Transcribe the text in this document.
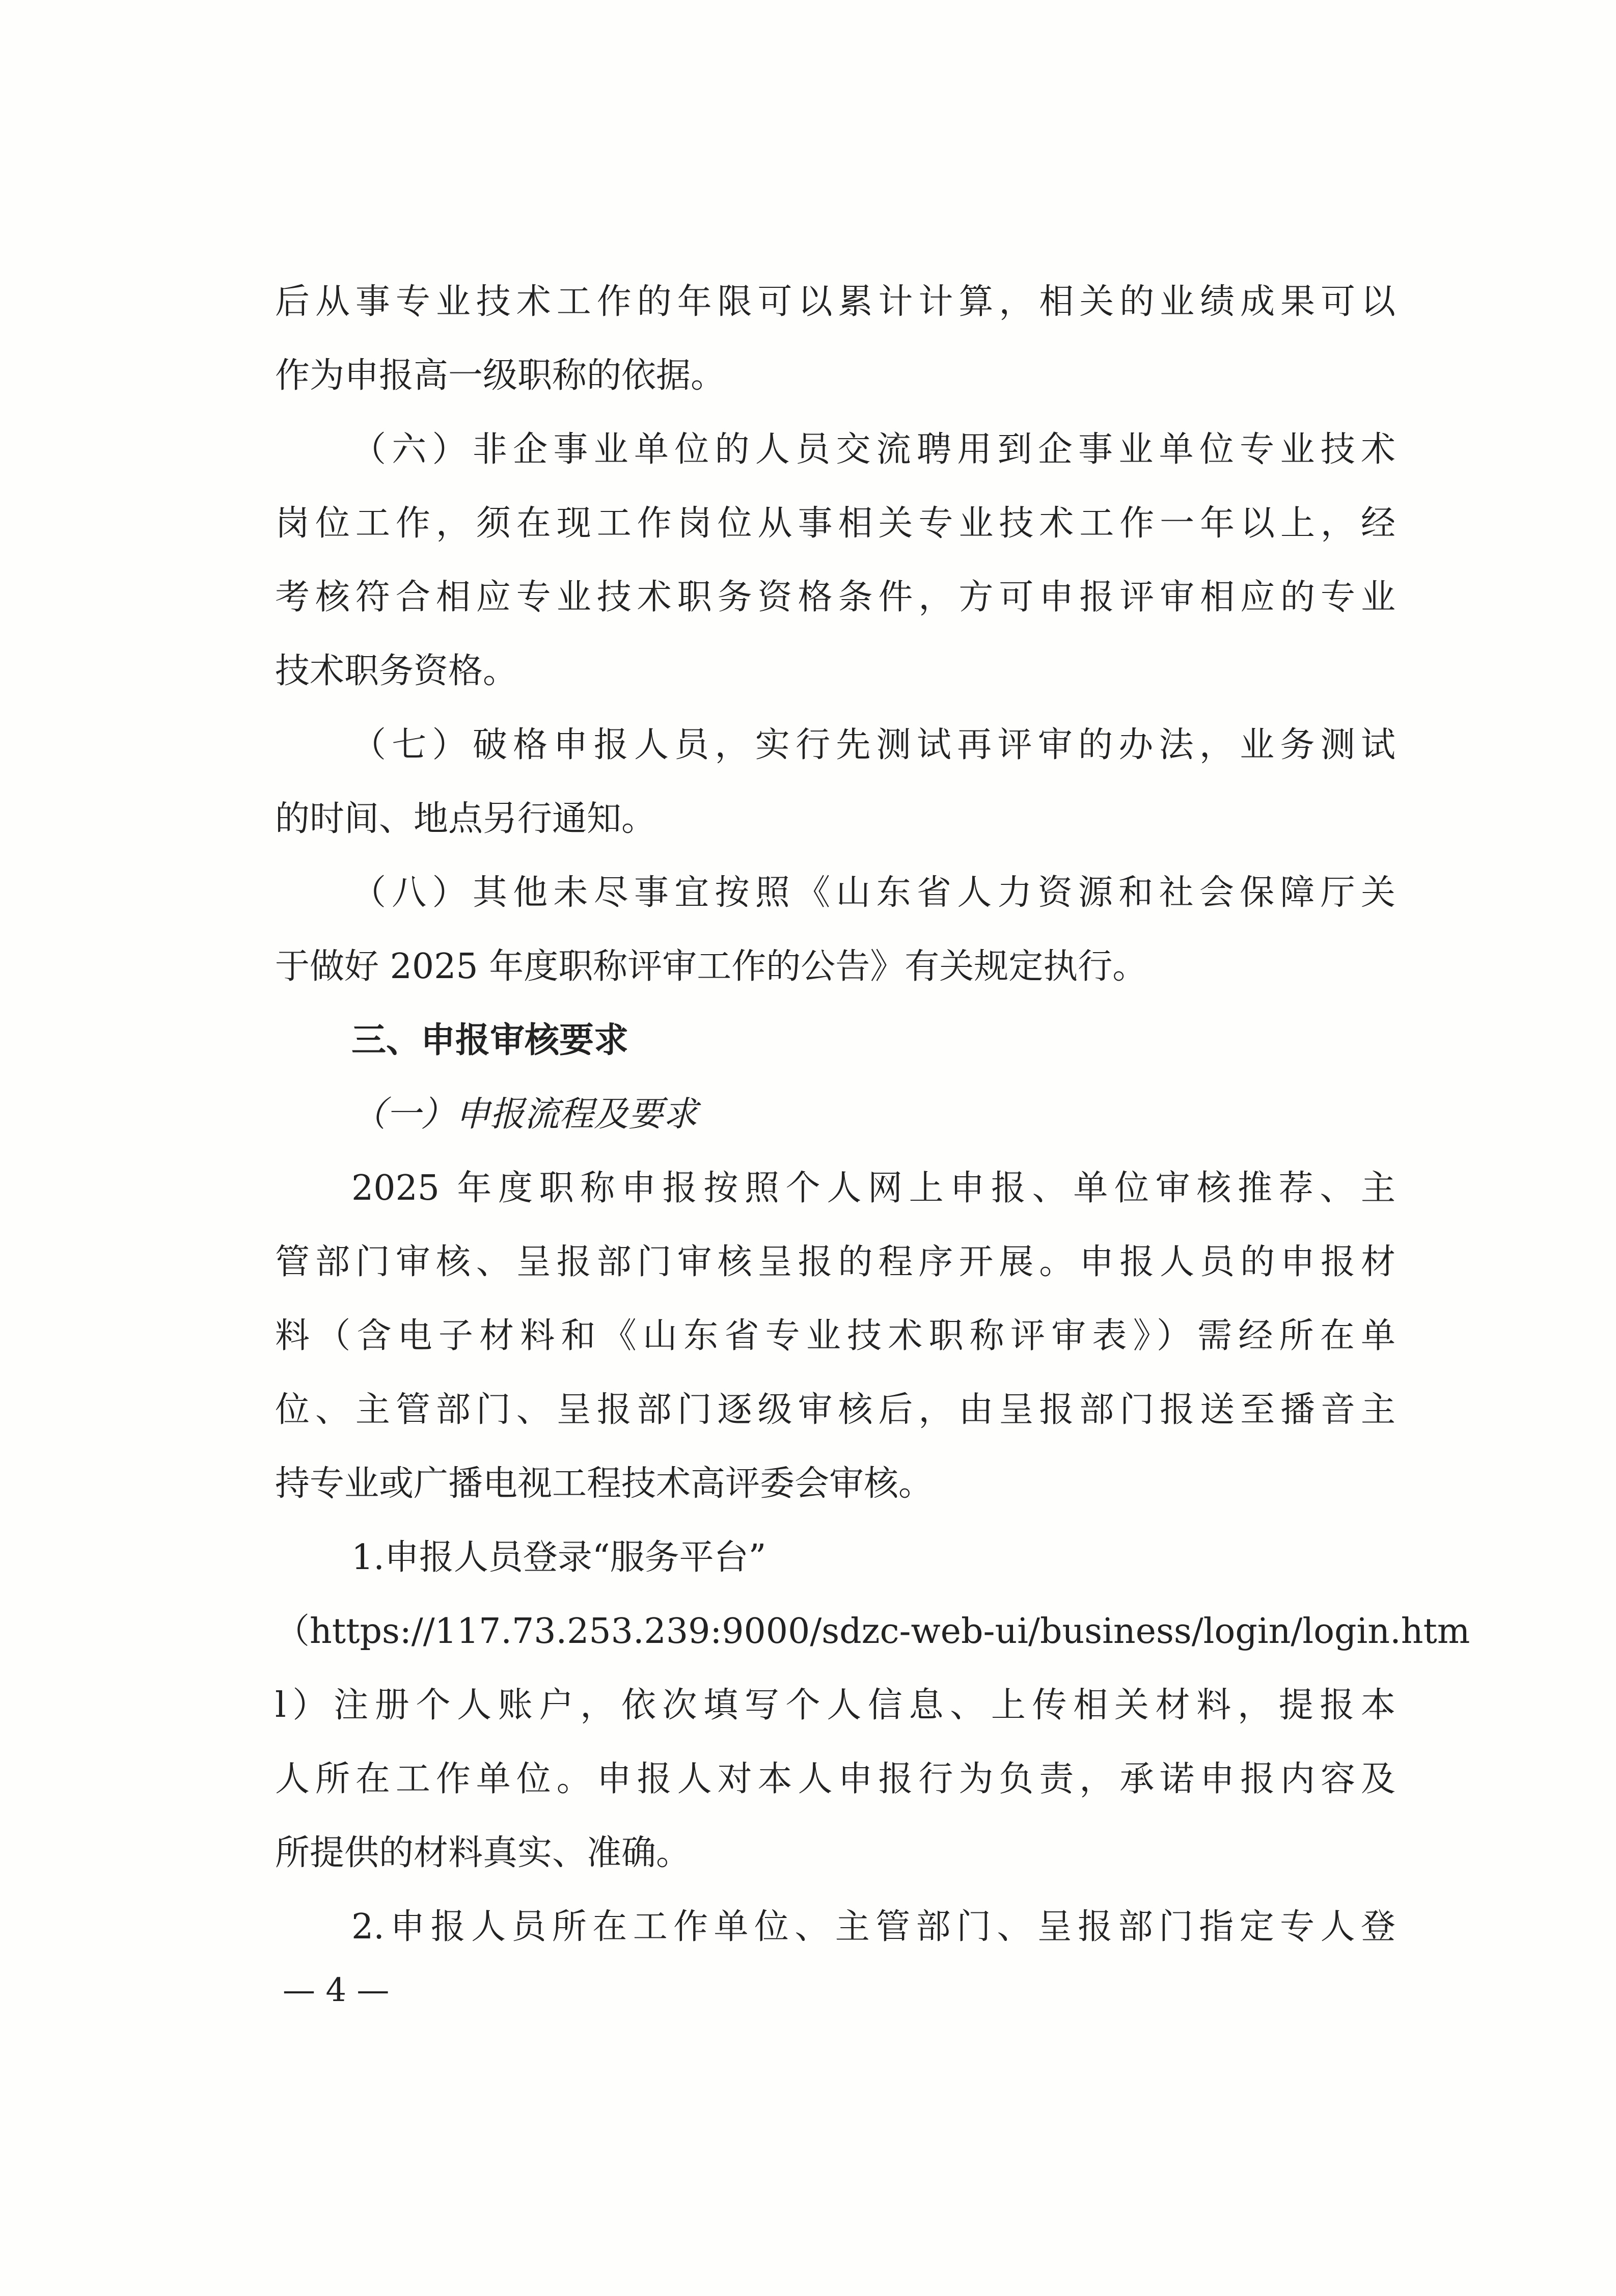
后从事专业技术工作的年限可以累计计算，相关的业绩成果可以
作为申报高一级职称的依据。
（六）非企事业单位的人员交流聘用到企事业单位专业技术
岗位工作，须在现工作岗位从事相关专业技术工作一年以上，经
考核符合相应专业技术职务资格条件，方可申报评审相应的专业
技术职务资格。
（七）破格申报人员，实行先测试再评审的办法，业务测试
的时间、地点另行通知。
（八）其他未尽事宜按照《山东省人力资源和社会保障厅关
于做好 2025 年度职称评审工作的公告》有关规定执行。
三、申报审核要求
（一）申报流程及要求
2025 年度职称申报按照个人网上申报、单位审核推荐、主
管部门审核、呈报部门审核呈报的程序开展。申报人员的申报材
料（含电子材料和《山东省专业技术职称评审表》）需经所在单
位、主管部门、呈报部门逐级审核后，由呈报部门报送至播音主
持专业或广播电视工程技术高评委会审核。
1.申报人员登录“服务平台”
（https://117.73.253.239:9000/sdzc-web-ui/business/login/login.htm
l）注册个人账户，依次填写个人信息、上传相关材料，提报本
人所在工作单位。申报人对本人申报行为负责，承诺申报内容及
所提供的材料真实、准确。
2.申报人员所在工作单位、主管部门、呈报部门指定专人登
— 4 —
